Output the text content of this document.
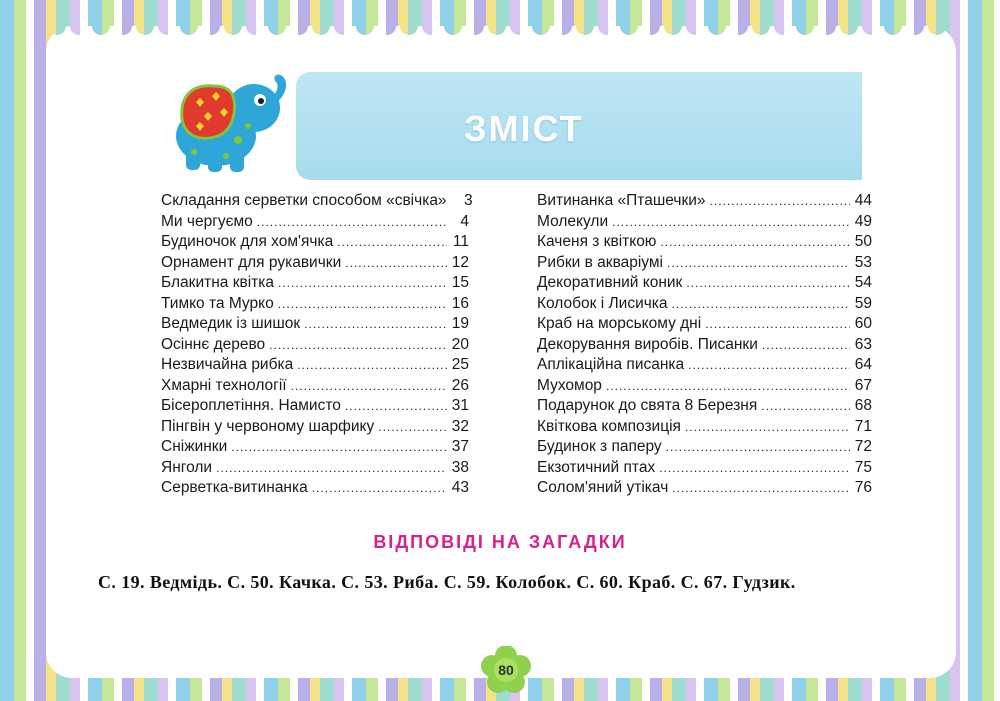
ЗМІСТ
Складання серветки способом «свічка»	3
Ми чергуємо .....	4
Будиночок для хом'ячка .....	11
Орнамент для рукавички .....	12
Блакитна квітка .....	15
Тимко та Мурко .....	16
Ведмедик із шишок .....	19
Осіннє дерево .....	20
Незвичайна рибка .....	25
Хмарні технології .....	26
Бісероплетіння. Намисто .....	31
Пінгвін у червоному шарфику .....	32
Сніжинки .....	37
Янголи .....	38
Серветка-витинанка .....	43
Витинанка «Пташечки» .....	44
Молекули .....	49
Каченя з квіткою .....	50
Рибки в акваріумі .....	53
Декоративний коник .....	54
Колобок і Лисичка .....	59
Краб на морському дні .....	60
Декорування виробів. Писанки .....	63
Аплікаційна писанка .....	64
Мухомор .....	67
Подарунок до свята 8 Березня .....	68
Квіткова композиція .....	71
Будинок з паперу .....	72
Екзотичний птах .....	75
Солом'яний утікач .....	76
ВІДПОВІДІ НА ЗАГАДКИ
С. 19. Ведмідь. С. 50. Качка. С. 53. Риба. С. 59. Колобок. С. 60. Краб. С. 67. Гудзик.
80
